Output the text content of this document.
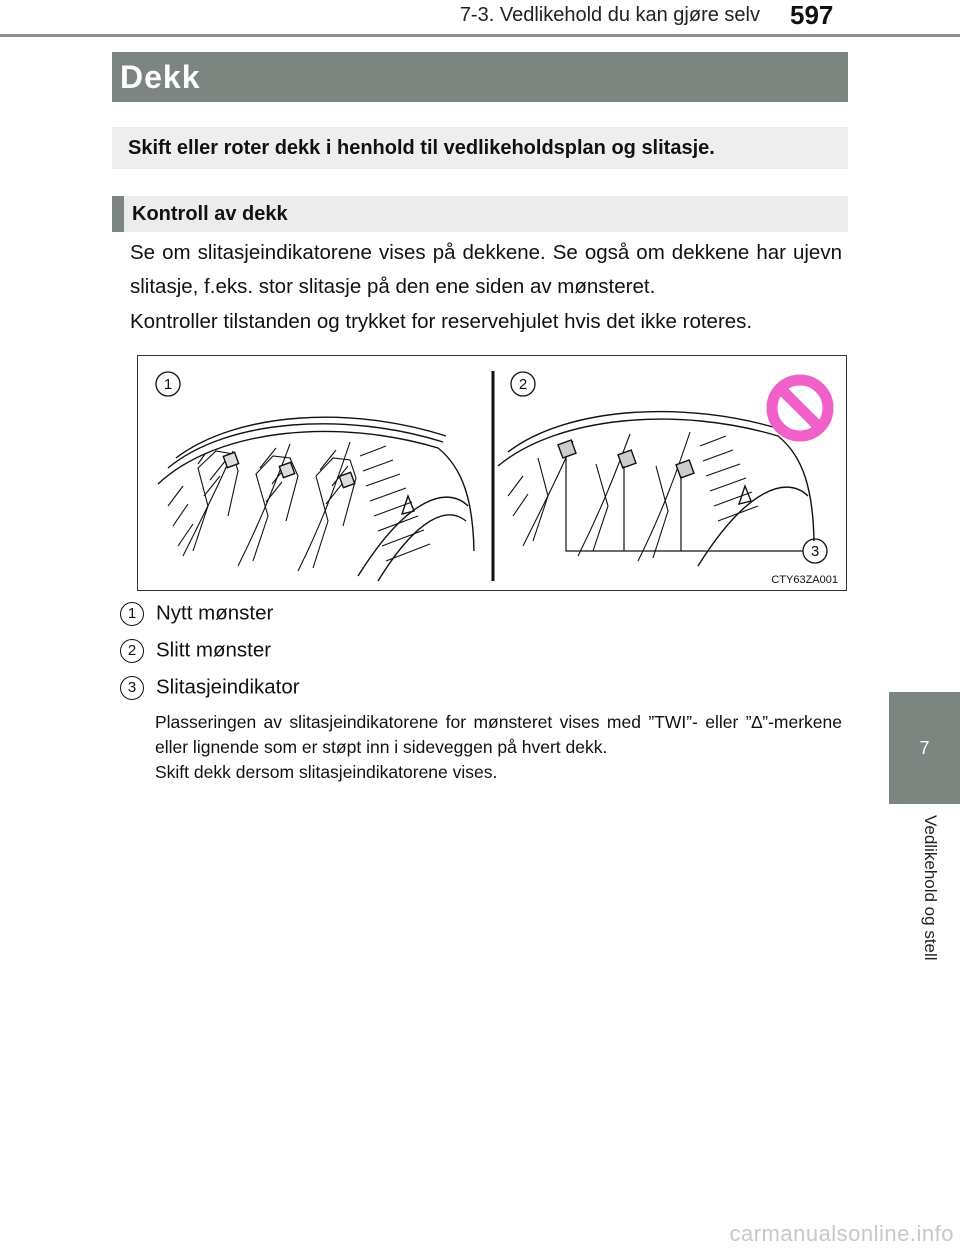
7-3. Vedlikehold du kan gjøre selv 597
Dekk
Skift eller roter dekk i henhold til vedlikeholdsplan og slitasje.
Kontroll av dekk
Se om slitasjeindikatorene vises på dekkene. Se også om dekkene har ujevn slitasje, f.eks. stor slitasje på den ene siden av mønsteret.
Kontroller tilstanden og trykket for reservehjulet hvis det ikke roteres.
1	2
3
CTY63ZA001
1 Nytt mønster
2 Slitt mønster
3 Slitasjeindikator
Plasseringen av slitasjeindikatorene for mønsteret vises med ”TWI”- eller ”∆”-merkene eller lignende som er støpt inn i sideveggen på hvert dekk.
Skift dekk dersom slitasjeindikatorene vises.
7
Vedlikehold og stell
carmanualsonline.info
